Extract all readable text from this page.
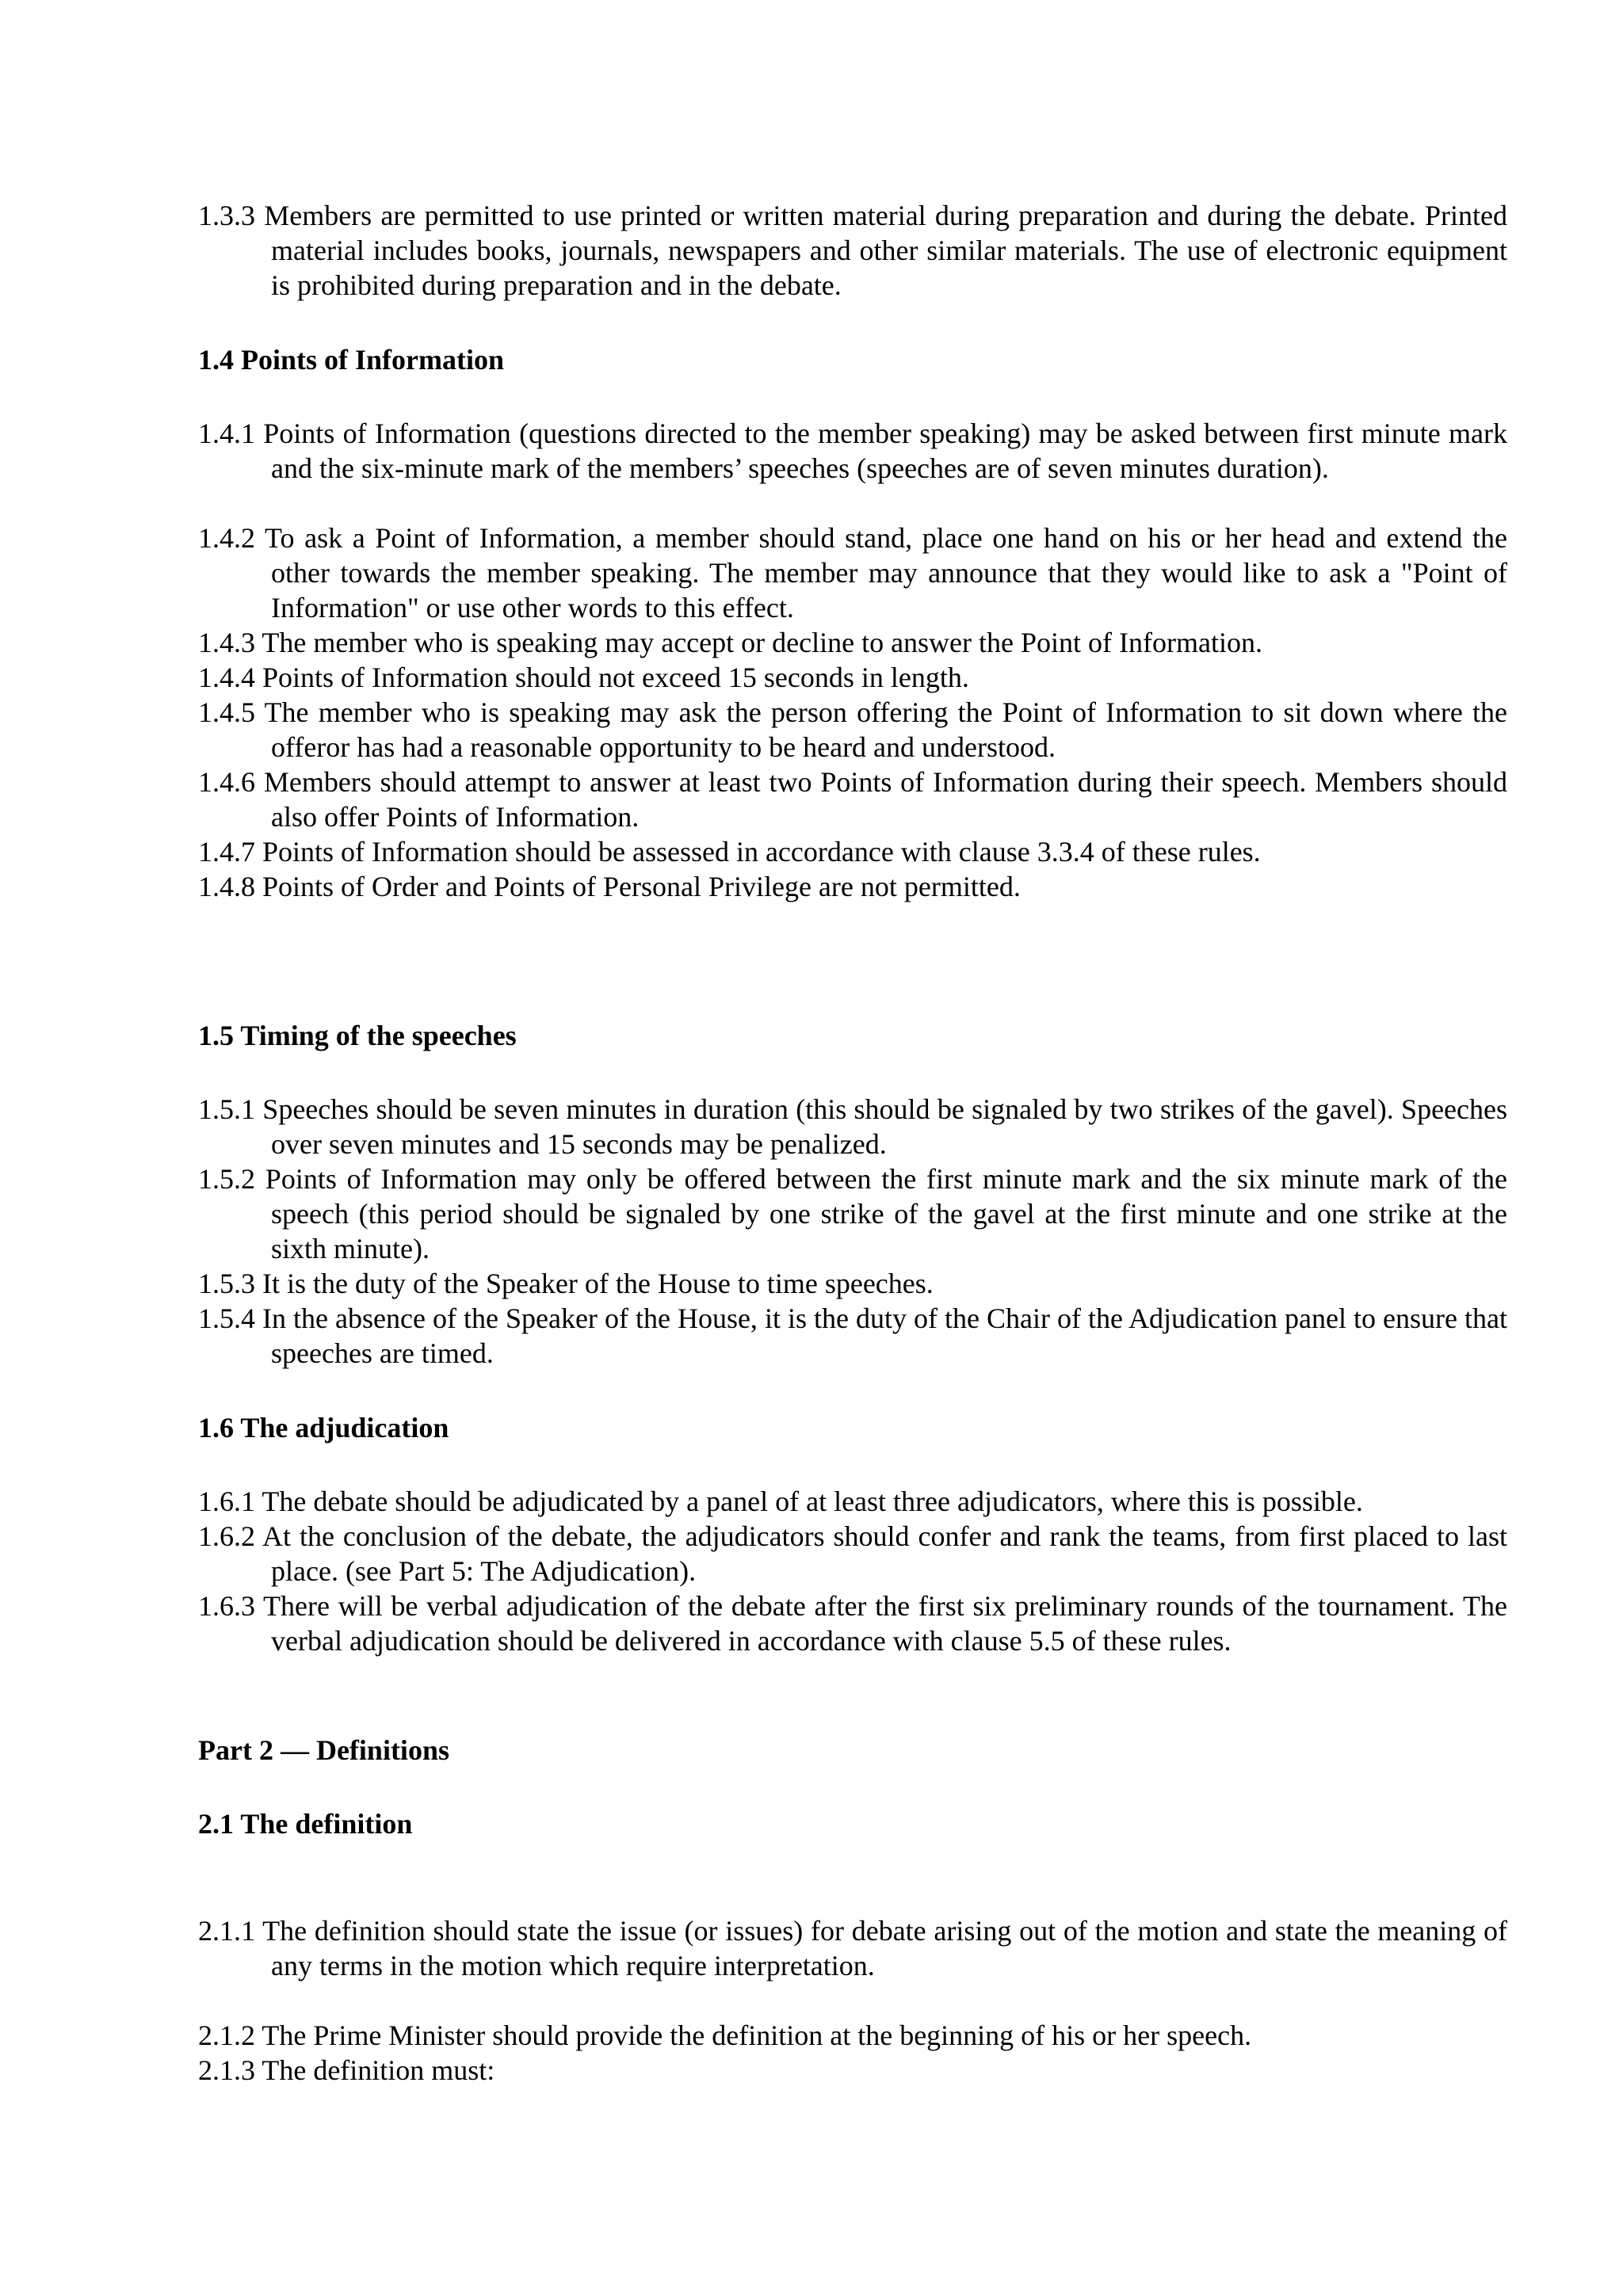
1.3.3 Members are permitted to use printed or written material during preparation and during the debate. Printed material includes books, journals, newspapers and other similar materials. The use of electronic equipment is prohibited during preparation and in the debate.
1.4 Points of Information
1.4.1 Points of Information (questions directed to the member speaking) may be asked between first minute mark and the six-minute mark of the members’ speeches (speeches are of seven minutes duration).
1.4.2 To ask a Point of Information, a member should stand, place one hand on his or her head and extend the other towards the member speaking. The member may announce that they would like to ask a "Point of Information" or use other words to this effect.
1.4.3 The member who is speaking may accept or decline to answer the Point of Information.
1.4.4 Points of Information should not exceed 15 seconds in length.
1.4.5 The member who is speaking may ask the person offering the Point of Information to sit down where the offeror has had a reasonable opportunity to be heard and understood.
1.4.6 Members should attempt to answer at least two Points of Information during their speech. Members should also offer Points of Information.
1.4.7 Points of Information should be assessed in accordance with clause 3.3.4 of these rules.
1.4.8 Points of Order and Points of Personal Privilege are not permitted.
1.5 Timing of the speeches
1.5.1 Speeches should be seven minutes in duration (this should be signaled by two strikes of the gavel). Speeches over seven minutes and 15 seconds may be penalized.
1.5.2 Points of Information may only be offered between the first minute mark and the six minute mark of the speech (this period should be signaled by one strike of the gavel at the first minute and one strike at the sixth minute).
1.5.3 It is the duty of the Speaker of the House to time speeches.
1.5.4 In the absence of the Speaker of the House, it is the duty of the Chair of the Adjudication panel to ensure that speeches are timed.
1.6 The adjudication
1.6.1 The debate should be adjudicated by a panel of at least three adjudicators, where this is possible.
1.6.2 At the conclusion of the debate, the adjudicators should confer and rank the teams, from first placed to last place. (see Part 5: The Adjudication).
1.6.3 There will be verbal adjudication of the debate after the first six preliminary rounds of the tournament. The verbal adjudication should be delivered in accordance with clause 5.5 of these rules.
Part 2 — Definitions
2.1 The definition
2.1.1 The definition should state the issue (or issues) for debate arising out of the motion and state the meaning of any terms in the motion which require interpretation.
2.1.2 The Prime Minister should provide the definition at the beginning of his or her speech.
2.1.3 The definition must:
